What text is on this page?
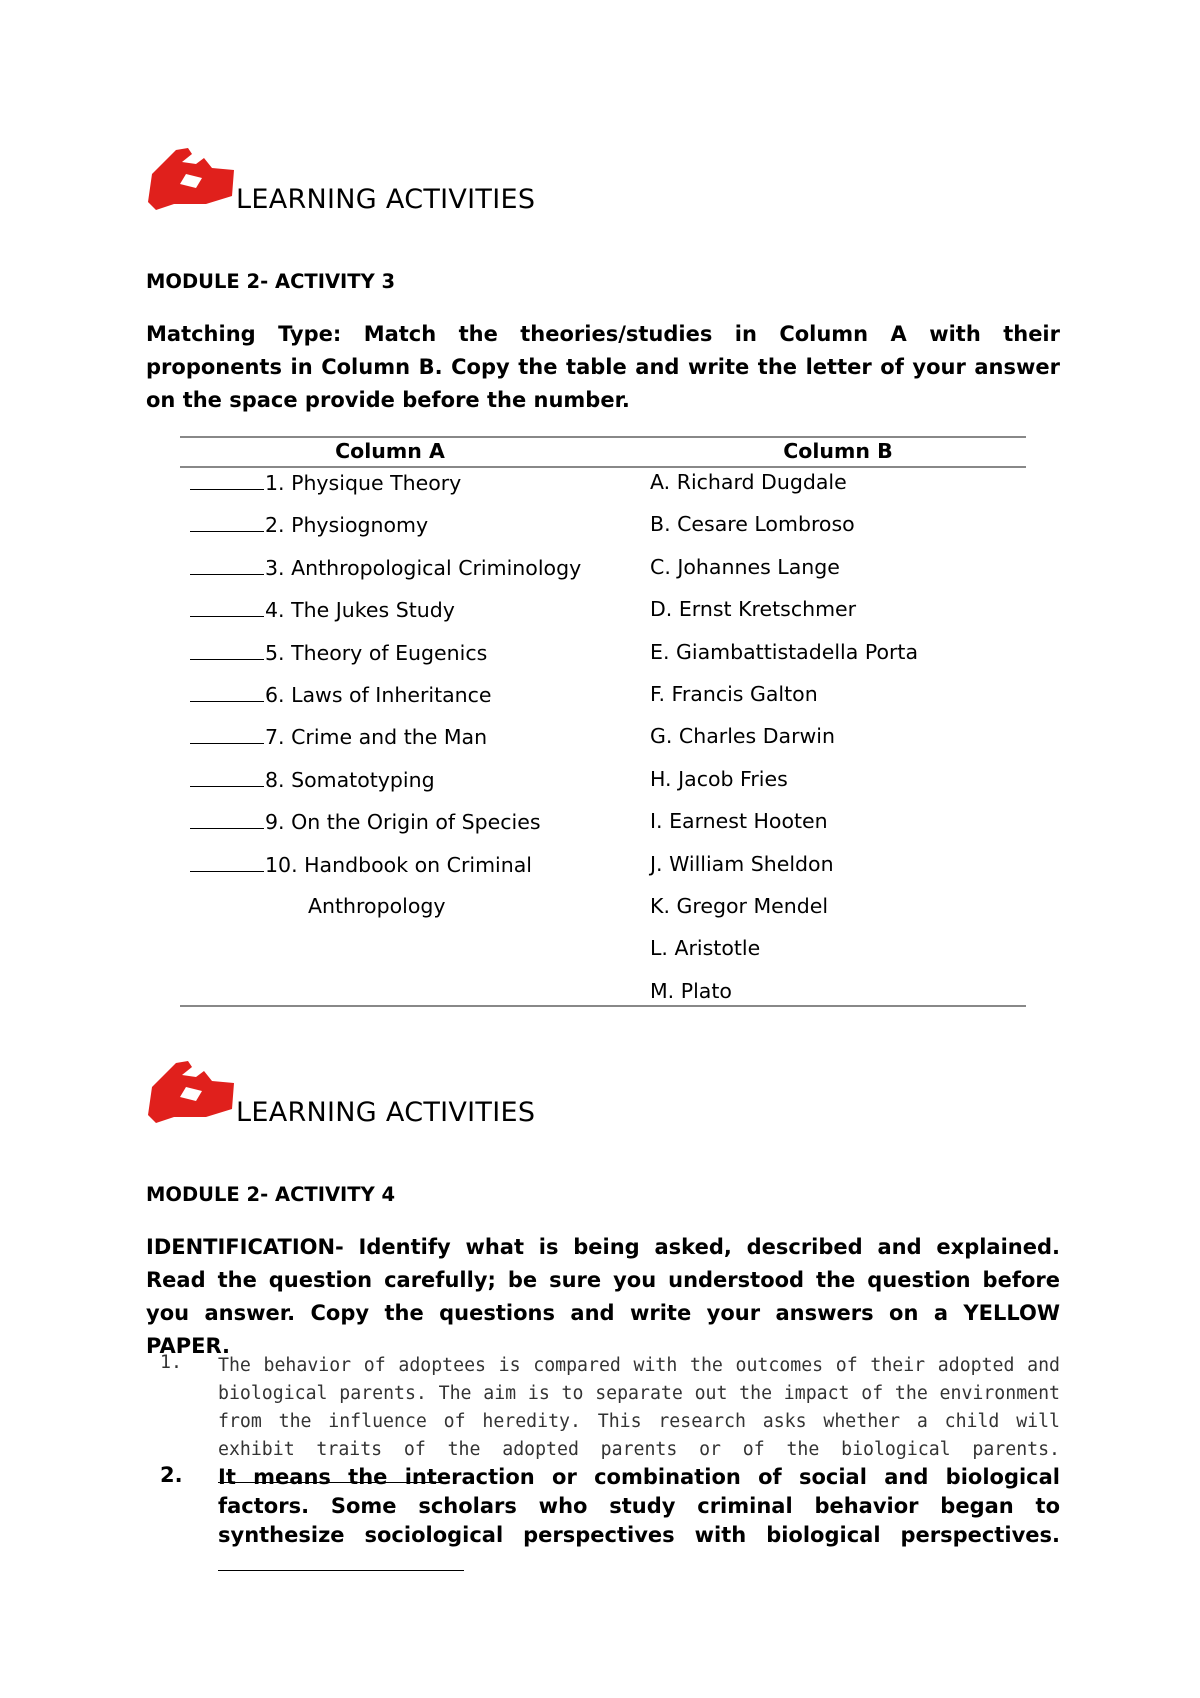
LEARNING ACTIVITIES
MODULE 2- ACTIVITY 3
Matching Type: Match the theories/studies in Column A with their proponents in Column B. Copy the table and write the letter of your answer on the space provide before the number.
Column A	Column B
1. Physique Theory
2. Physiognomy
3. Anthropological Criminology
4. The Jukes Study
5. Theory of Eugenics
6. Laws of Inheritance
7. Crime and the Man
8. Somatotyping
9. On the Origin of Species
10. Handbook on Criminal
Anthropology
A. Richard Dugdale
B. Cesare Lombroso
C. Johannes Lange
D. Ernst Kretschmer
E. Giambattistadella Porta
F. Francis Galton
G. Charles Darwin
H. Jacob Fries
I. Earnest Hooten
J. William Sheldon
K. Gregor Mendel
L. Aristotle
M. Plato
LEARNING ACTIVITIES
MODULE 2- ACTIVITY 4
IDENTIFICATION- Identify what is being asked, described and explained. Read the question carefully; be sure you understood the question before you answer. Copy the questions and write your answers on a YELLOW PAPER.
1. The behavior of adoptees is compared with the outcomes of their adopted and biological parents. The aim is to separate out the impact of the environment from the influence of heredity. This research asks whether a child will exhibit traits of the adopted parents or of the biological parents.
2. It means the interaction or combination of social and biological factors. Some scholars who study criminal behavior began to synthesize sociological perspectives with biological perspectives.
